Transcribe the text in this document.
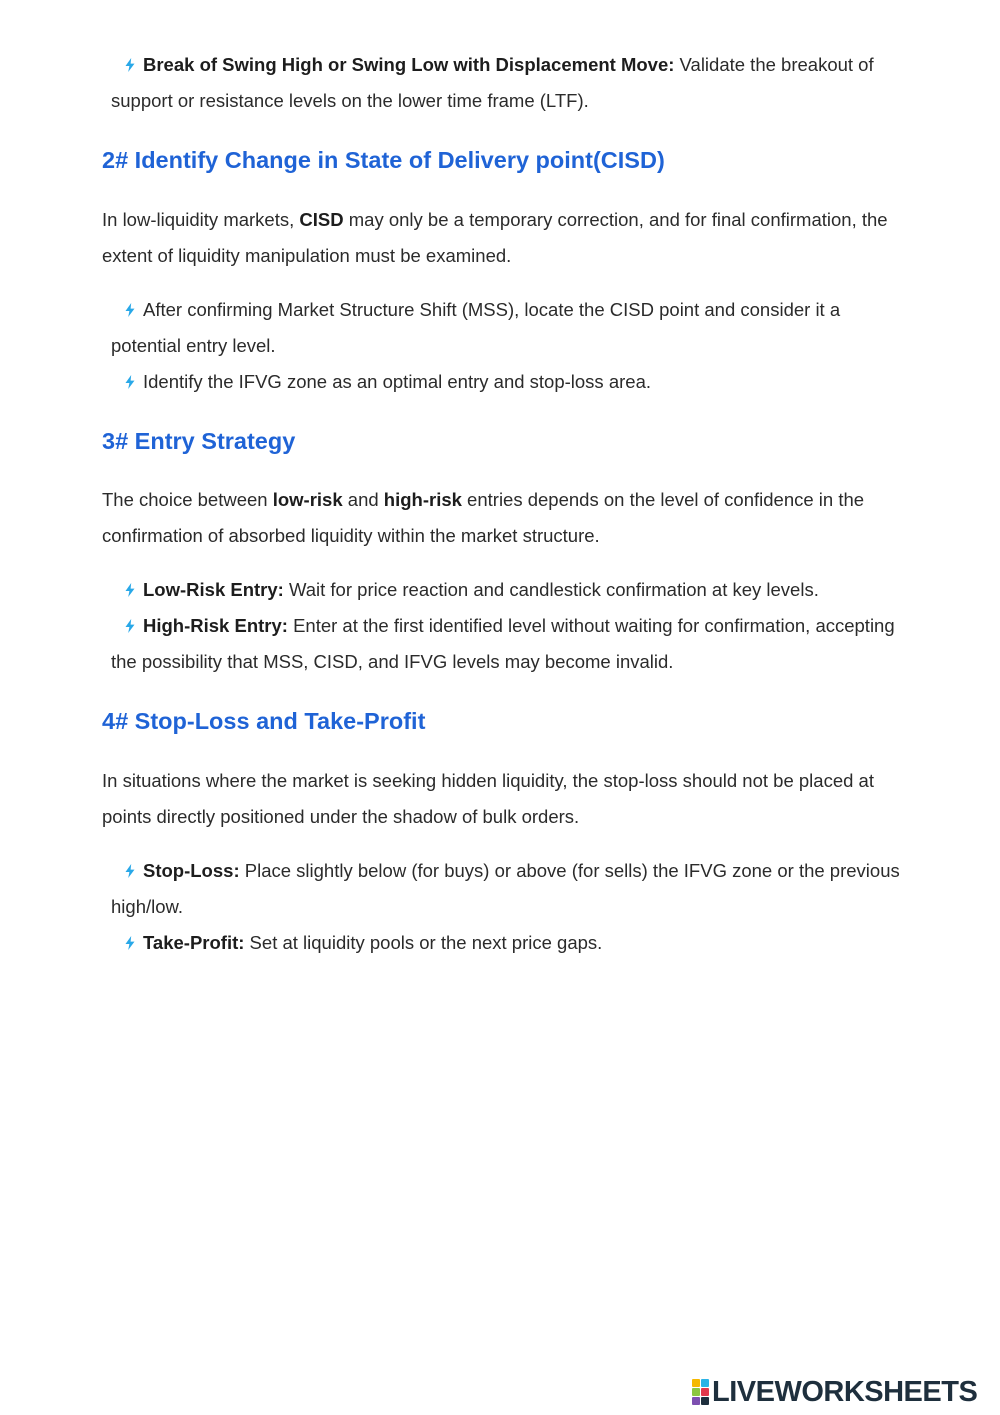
Break of Swing High or Swing Low with Displacement Move: Validate the breakout of support or resistance levels on the lower time frame (LTF).
2# Identify Change in State of Delivery point(CISD)
In low-liquidity markets, CISD may only be a temporary correction, and for final confirmation, the extent of liquidity manipulation must be examined.
After confirming Market Structure Shift (MSS), locate the CISD point and consider it a potential entry level.
Identify the IFVG zone as an optimal entry and stop-loss area.
3# Entry Strategy
The choice between low-risk and high-risk entries depends on the level of confidence in the confirmation of absorbed liquidity within the market structure.
Low-Risk Entry: Wait for price reaction and candlestick confirmation at key levels.
High-Risk Entry: Enter at the first identified level without waiting for confirmation, accepting the possibility that MSS, CISD, and IFVG levels may become invalid.
4# Stop-Loss and Take-Profit
In situations where the market is seeking hidden liquidity, the stop-loss should not be placed at points directly positioned under the shadow of bulk orders.
Stop-Loss: Place slightly below (for buys) or above (for sells) the IFVG zone or the previous high/low.
Take-Profit: Set at liquidity pools or the next price gaps.
LIVEWORKSHEETS
